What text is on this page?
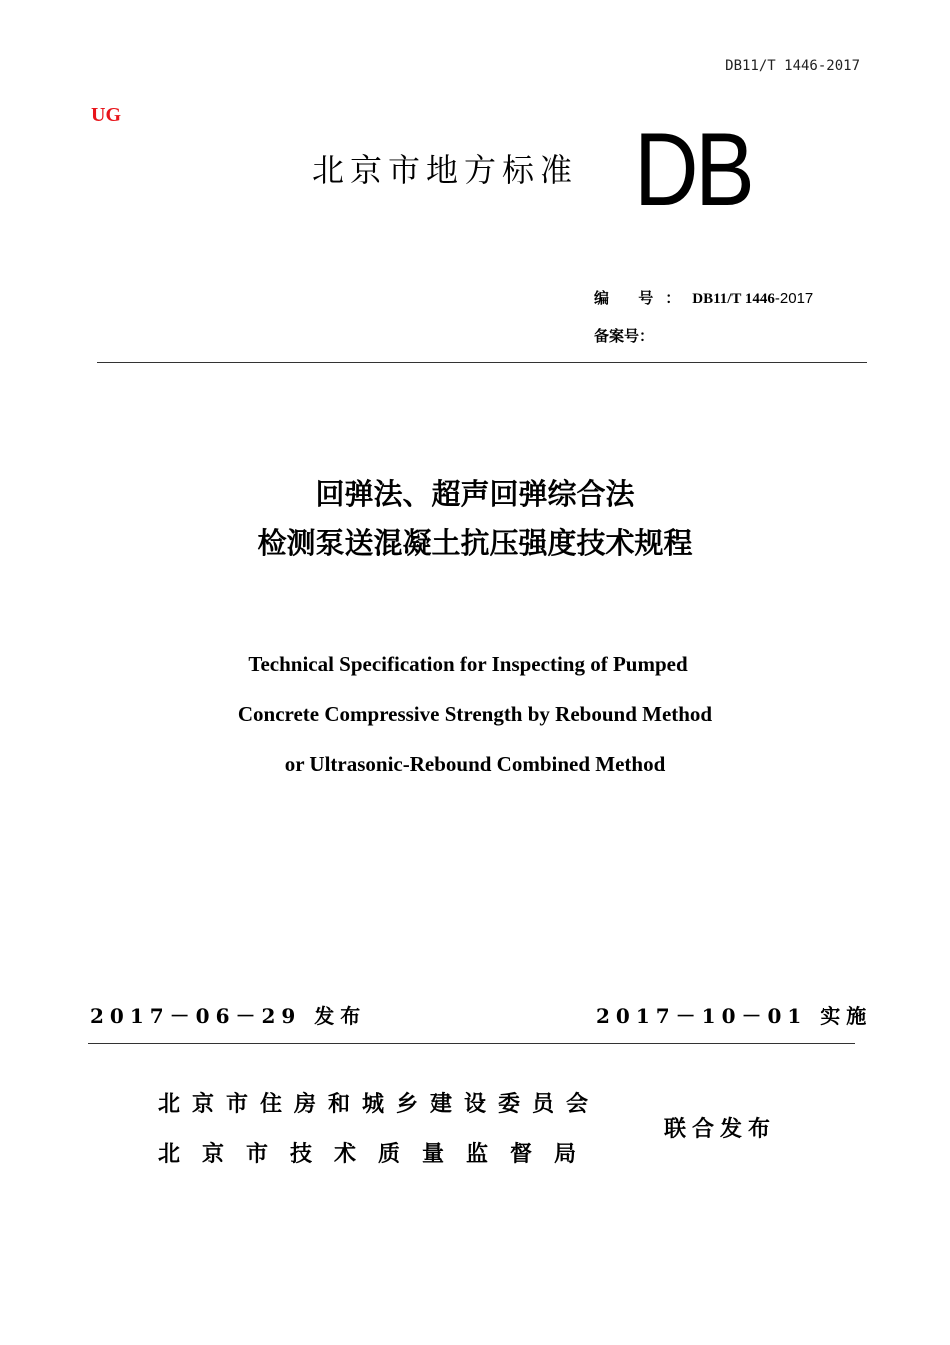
DB11/T 1446-2017
UG
北京市地方标准 DB
编 号：DB11/T 1446-2017
备案号：
回弹法、超声回弹综合法
检测泵送混凝土抗压强度技术规程
Technical Specification for Inspecting of Pumped
Concrete Compressive Strength by Rebound Method
or Ultrasonic-Rebound Combined Method
2017－06－29 发布	2017－10－01 实施
北京市住房和城乡建设委员会
北京市技术质量监督局
联合发布
